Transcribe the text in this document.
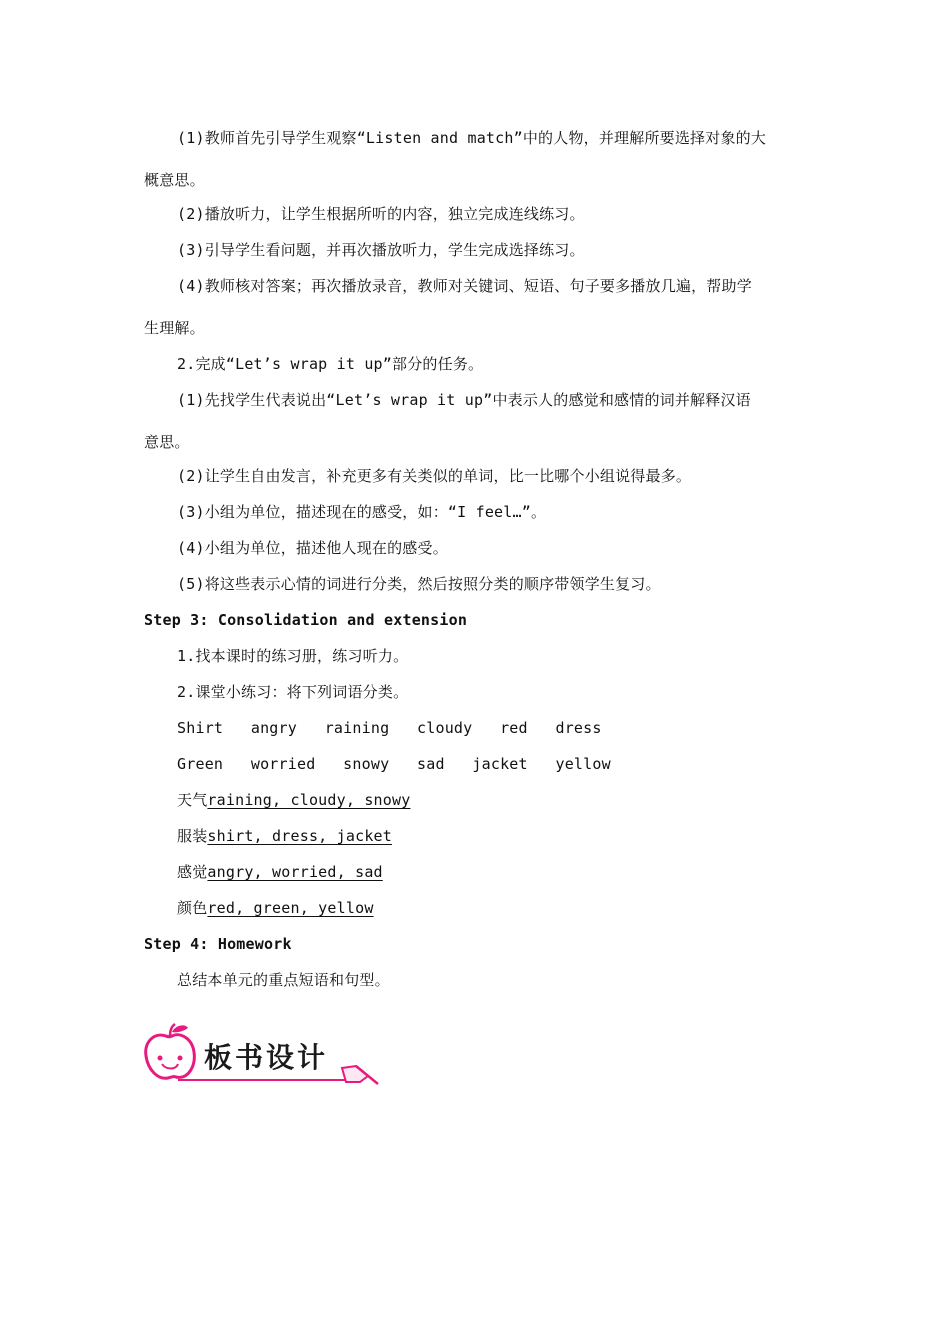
(1)教师首先引导学生观察“Listen and match”中的人物，并理解所要选择对象的大
概意思。
(2)播放听力，让学生根据所听的内容，独立完成连线练习。
(3)引导学生看问题，并再次播放听力，学生完成选择练习。
(4)教师核对答案；再次播放录音，教师对关键词、短语、句子要多播放几遍，帮助学
生理解。
2.完成“Let’s wrap it up”部分的任务。
(1)先找学生代表说出“Let’s wrap it up”中表示人的感觉和感情的词并解释汉语
意思。
(2)让学生自由发言，补充更多有关类似的单词，比一比哪个小组说得最多。
(3)小组为单位，描述现在的感受，如：“I feel…”。
(4)小组为单位，描述他人现在的感受。
(5)将这些表示心情的词进行分类，然后按照分类的顺序带领学生复习。
Step 3: Consolidation and extension
1.找本课时的练习册，练习听力。
2.课堂小练习：将下列词语分类。
Shirt   angry   raining   cloudy   red   dress
Green   worried   snowy   sad   jacket   yellow
天气raining, cloudy, snowy
服装shirt, dress, jacket
感觉angry, worried, sad
颜色red, green, yellow
Step 4: Homework
总结本单元的重点短语和句型。
板书设计
